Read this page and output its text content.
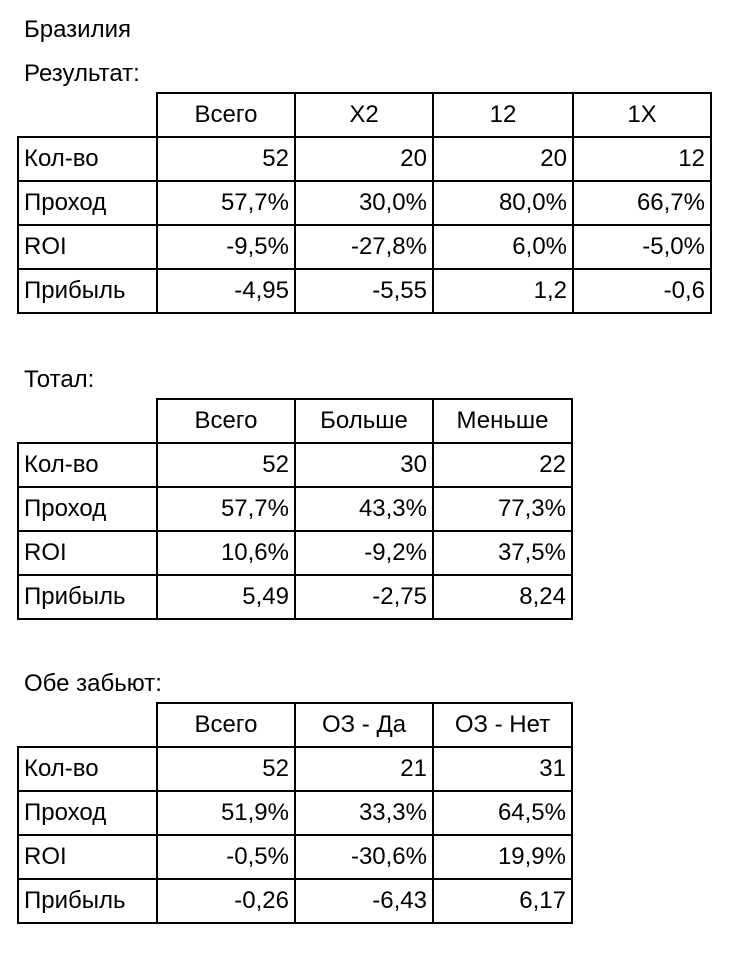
Бразилия
Результат:
	Всего	X2	12	1X
Кол-во	52	20	20	12
Проход	57,7%	30,0%	80,0%	66,7%
ROI	-9,5%	-27,8%	6,0%	-5,0%
Прибыль	-4,95	-5,55	1,2	-0,6
Тотал:
	Всего	Больше	Меньше
Кол-во	52	30	22
Проход	57,7%	43,3%	77,3%
ROI	10,6%	-9,2%	37,5%
Прибыль	5,49	-2,75	8,24
Обе забьют:
	Всего	ОЗ - Да	ОЗ - Нет
Кол-во	52	21	31
Проход	51,9%	33,3%	64,5%
ROI	-0,5%	-30,6%	19,9%
Прибыль	-0,26	-6,43	6,17
